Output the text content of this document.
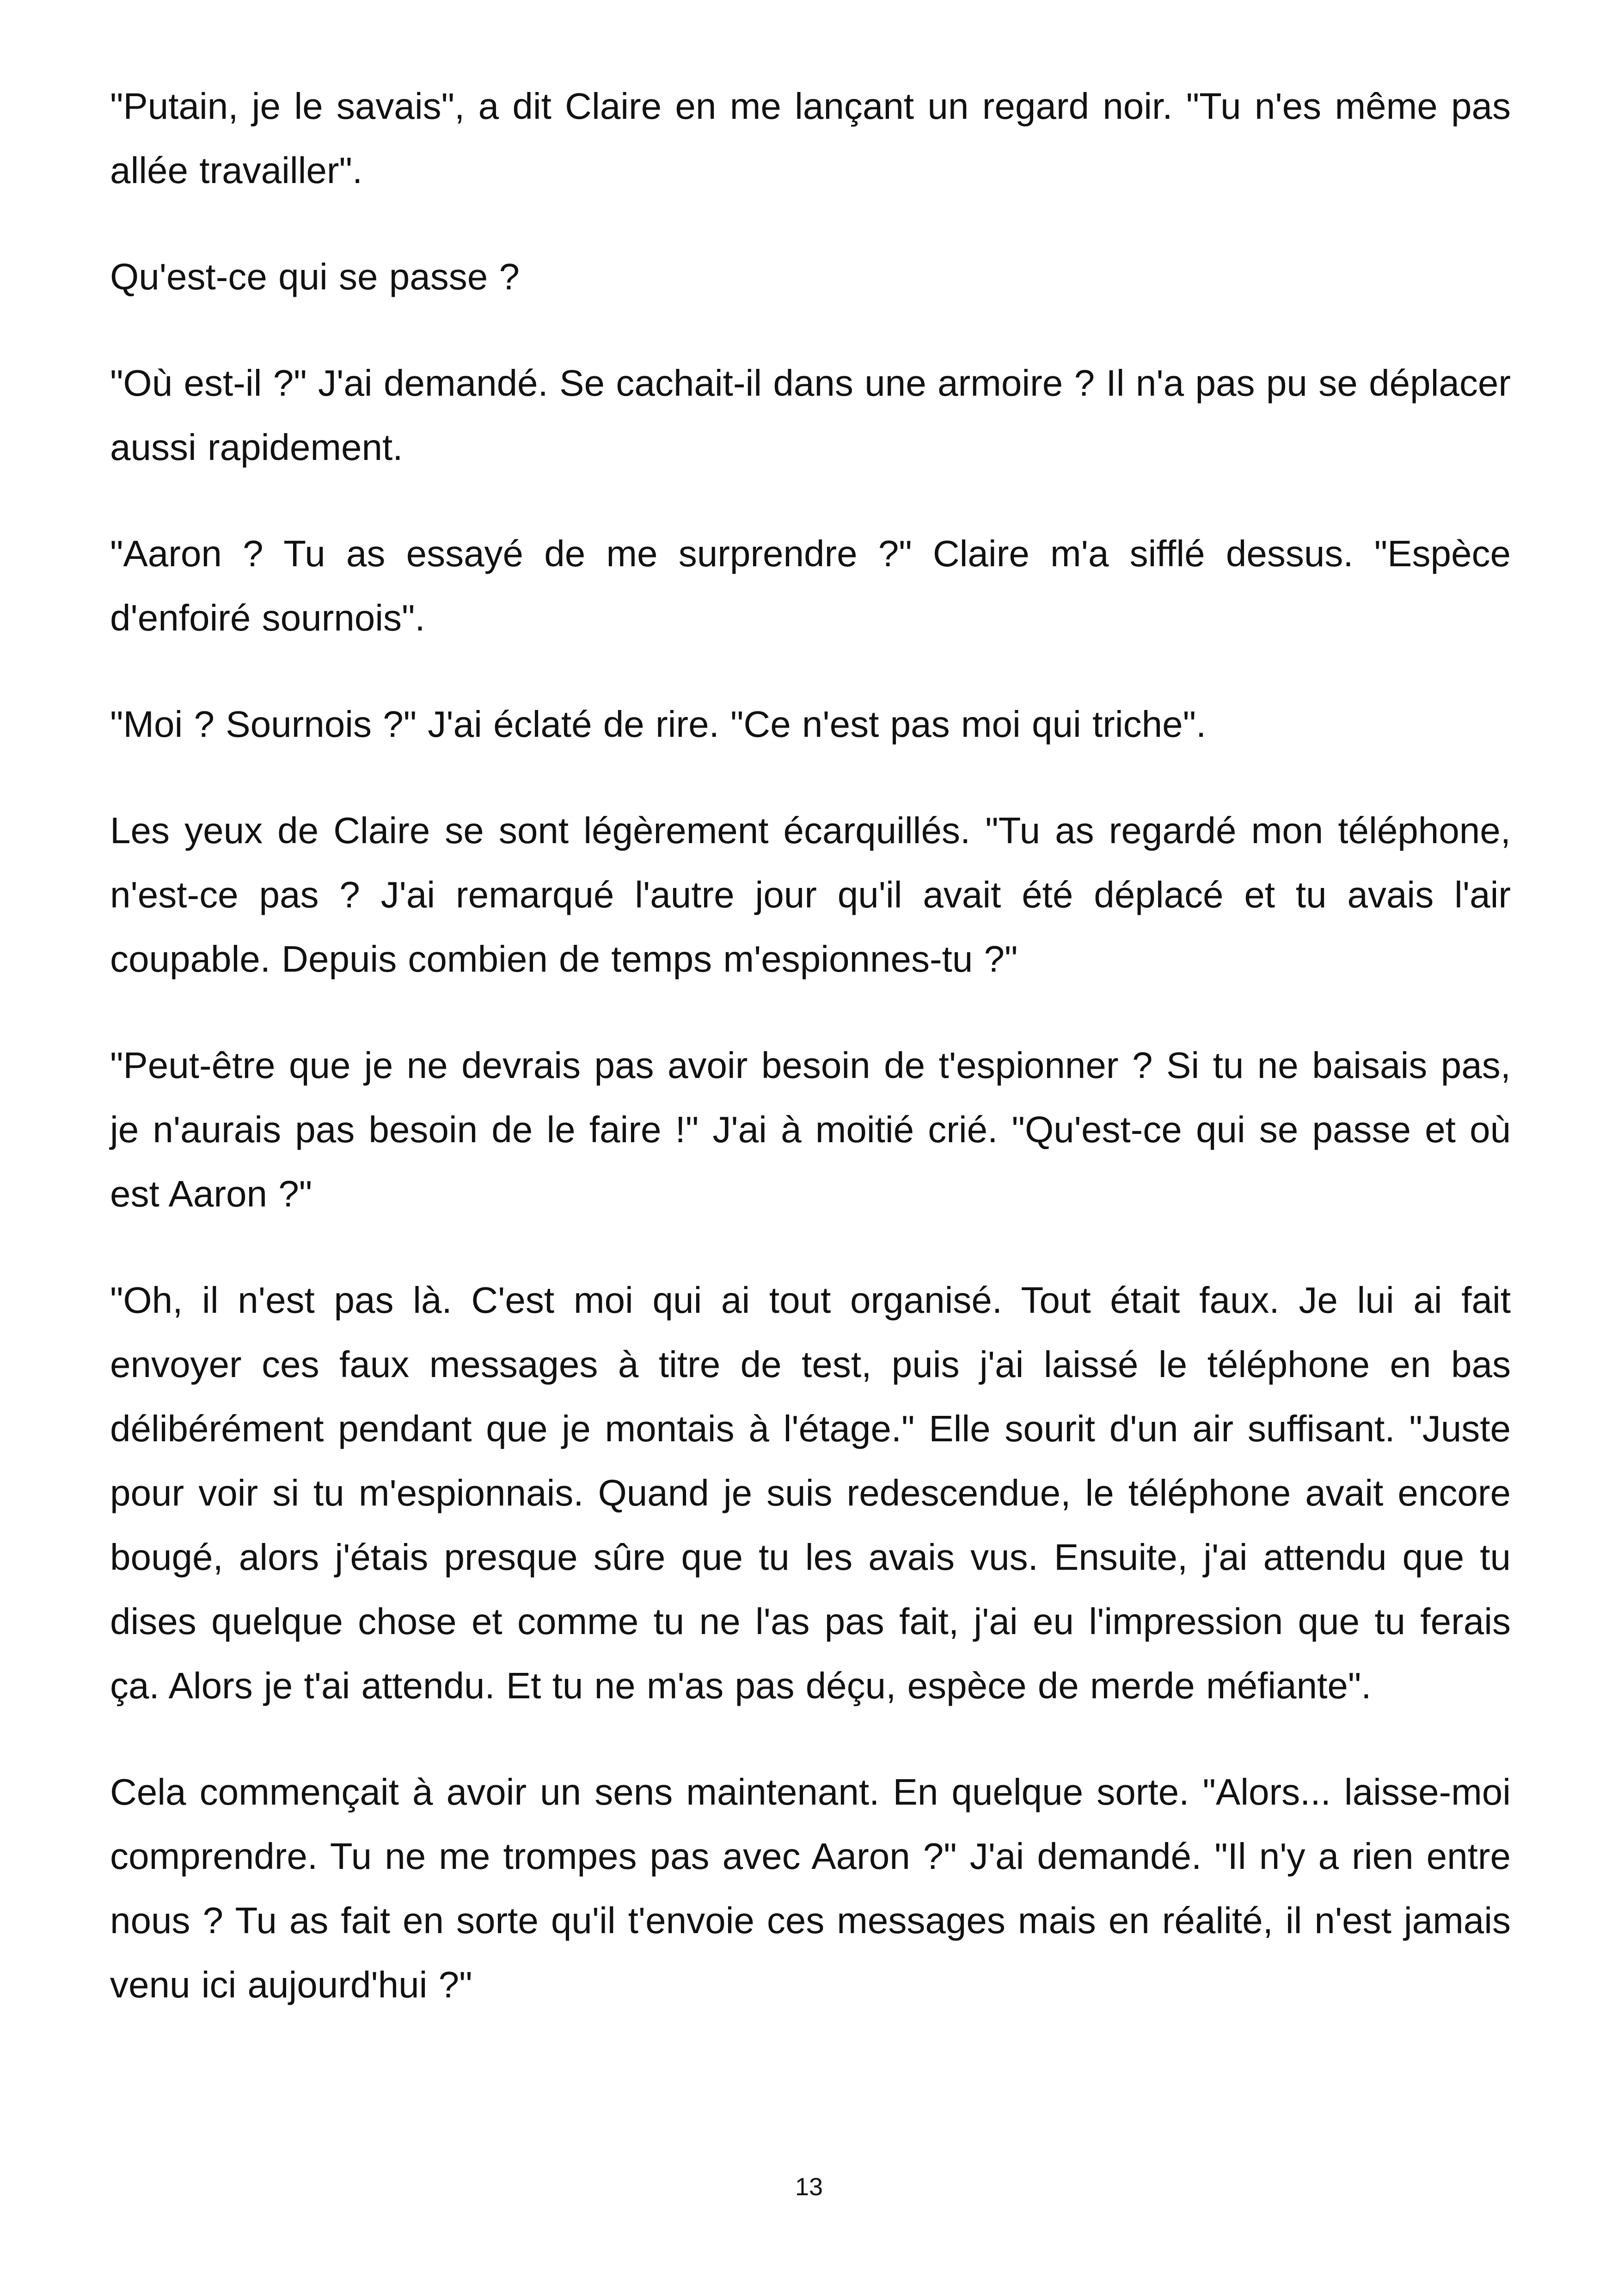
"Putain, je le savais", a dit Claire en me lançant un regard noir. "Tu n'es même pas allée travailler".

Qu'est-ce qui se passe ?

"Où est-il ?" J'ai demandé. Se cachait-il dans une armoire ? Il n'a pas pu se déplacer aussi rapidement.

"Aaron ? Tu as essayé de me surprendre ?" Claire m'a sifflé dessus. "Espèce d'enfoiré sournois".

"Moi ? Sournois ?" J'ai éclaté de rire. "Ce n'est pas moi qui triche".

Les yeux de Claire se sont légèrement écarquillés. "Tu as regardé mon téléphone, n'est-ce pas ? J'ai remarqué l'autre jour qu'il avait été déplacé et tu avais l'air coupable. Depuis combien de temps m'espionnes-tu ?"

"Peut-être que je ne devrais pas avoir besoin de t'espionner ? Si tu ne baisais pas, je n'aurais pas besoin de le faire !" J'ai à moitié crié. "Qu'est-ce qui se passe et où est Aaron ?"

"Oh, il n'est pas là. C'est moi qui ai tout organisé. Tout était faux. Je lui ai fait envoyer ces faux messages à titre de test, puis j'ai laissé le téléphone en bas délibérément pendant que je montais à l'étage." Elle sourit d'un air suffisant. "Juste pour voir si tu m'espionnais. Quand je suis redescendue, le téléphone avait encore bougé, alors j'étais presque sûre que tu les avais vus. Ensuite, j'ai attendu que tu dises quelque chose et comme tu ne l'as pas fait, j'ai eu l'impression que tu ferais ça. Alors je t'ai attendu. Et tu ne m'as pas déçu, espèce de merde méfiante".

Cela commençait à avoir un sens maintenant. En quelque sorte. "Alors... laisse-moi comprendre. Tu ne me trompes pas avec Aaron ?" J'ai demandé. "Il n'y a rien entre nous ? Tu as fait en sorte qu'il t'envoie ces messages mais en réalité, il n'est jamais venu ici aujourd'hui ?"

13
